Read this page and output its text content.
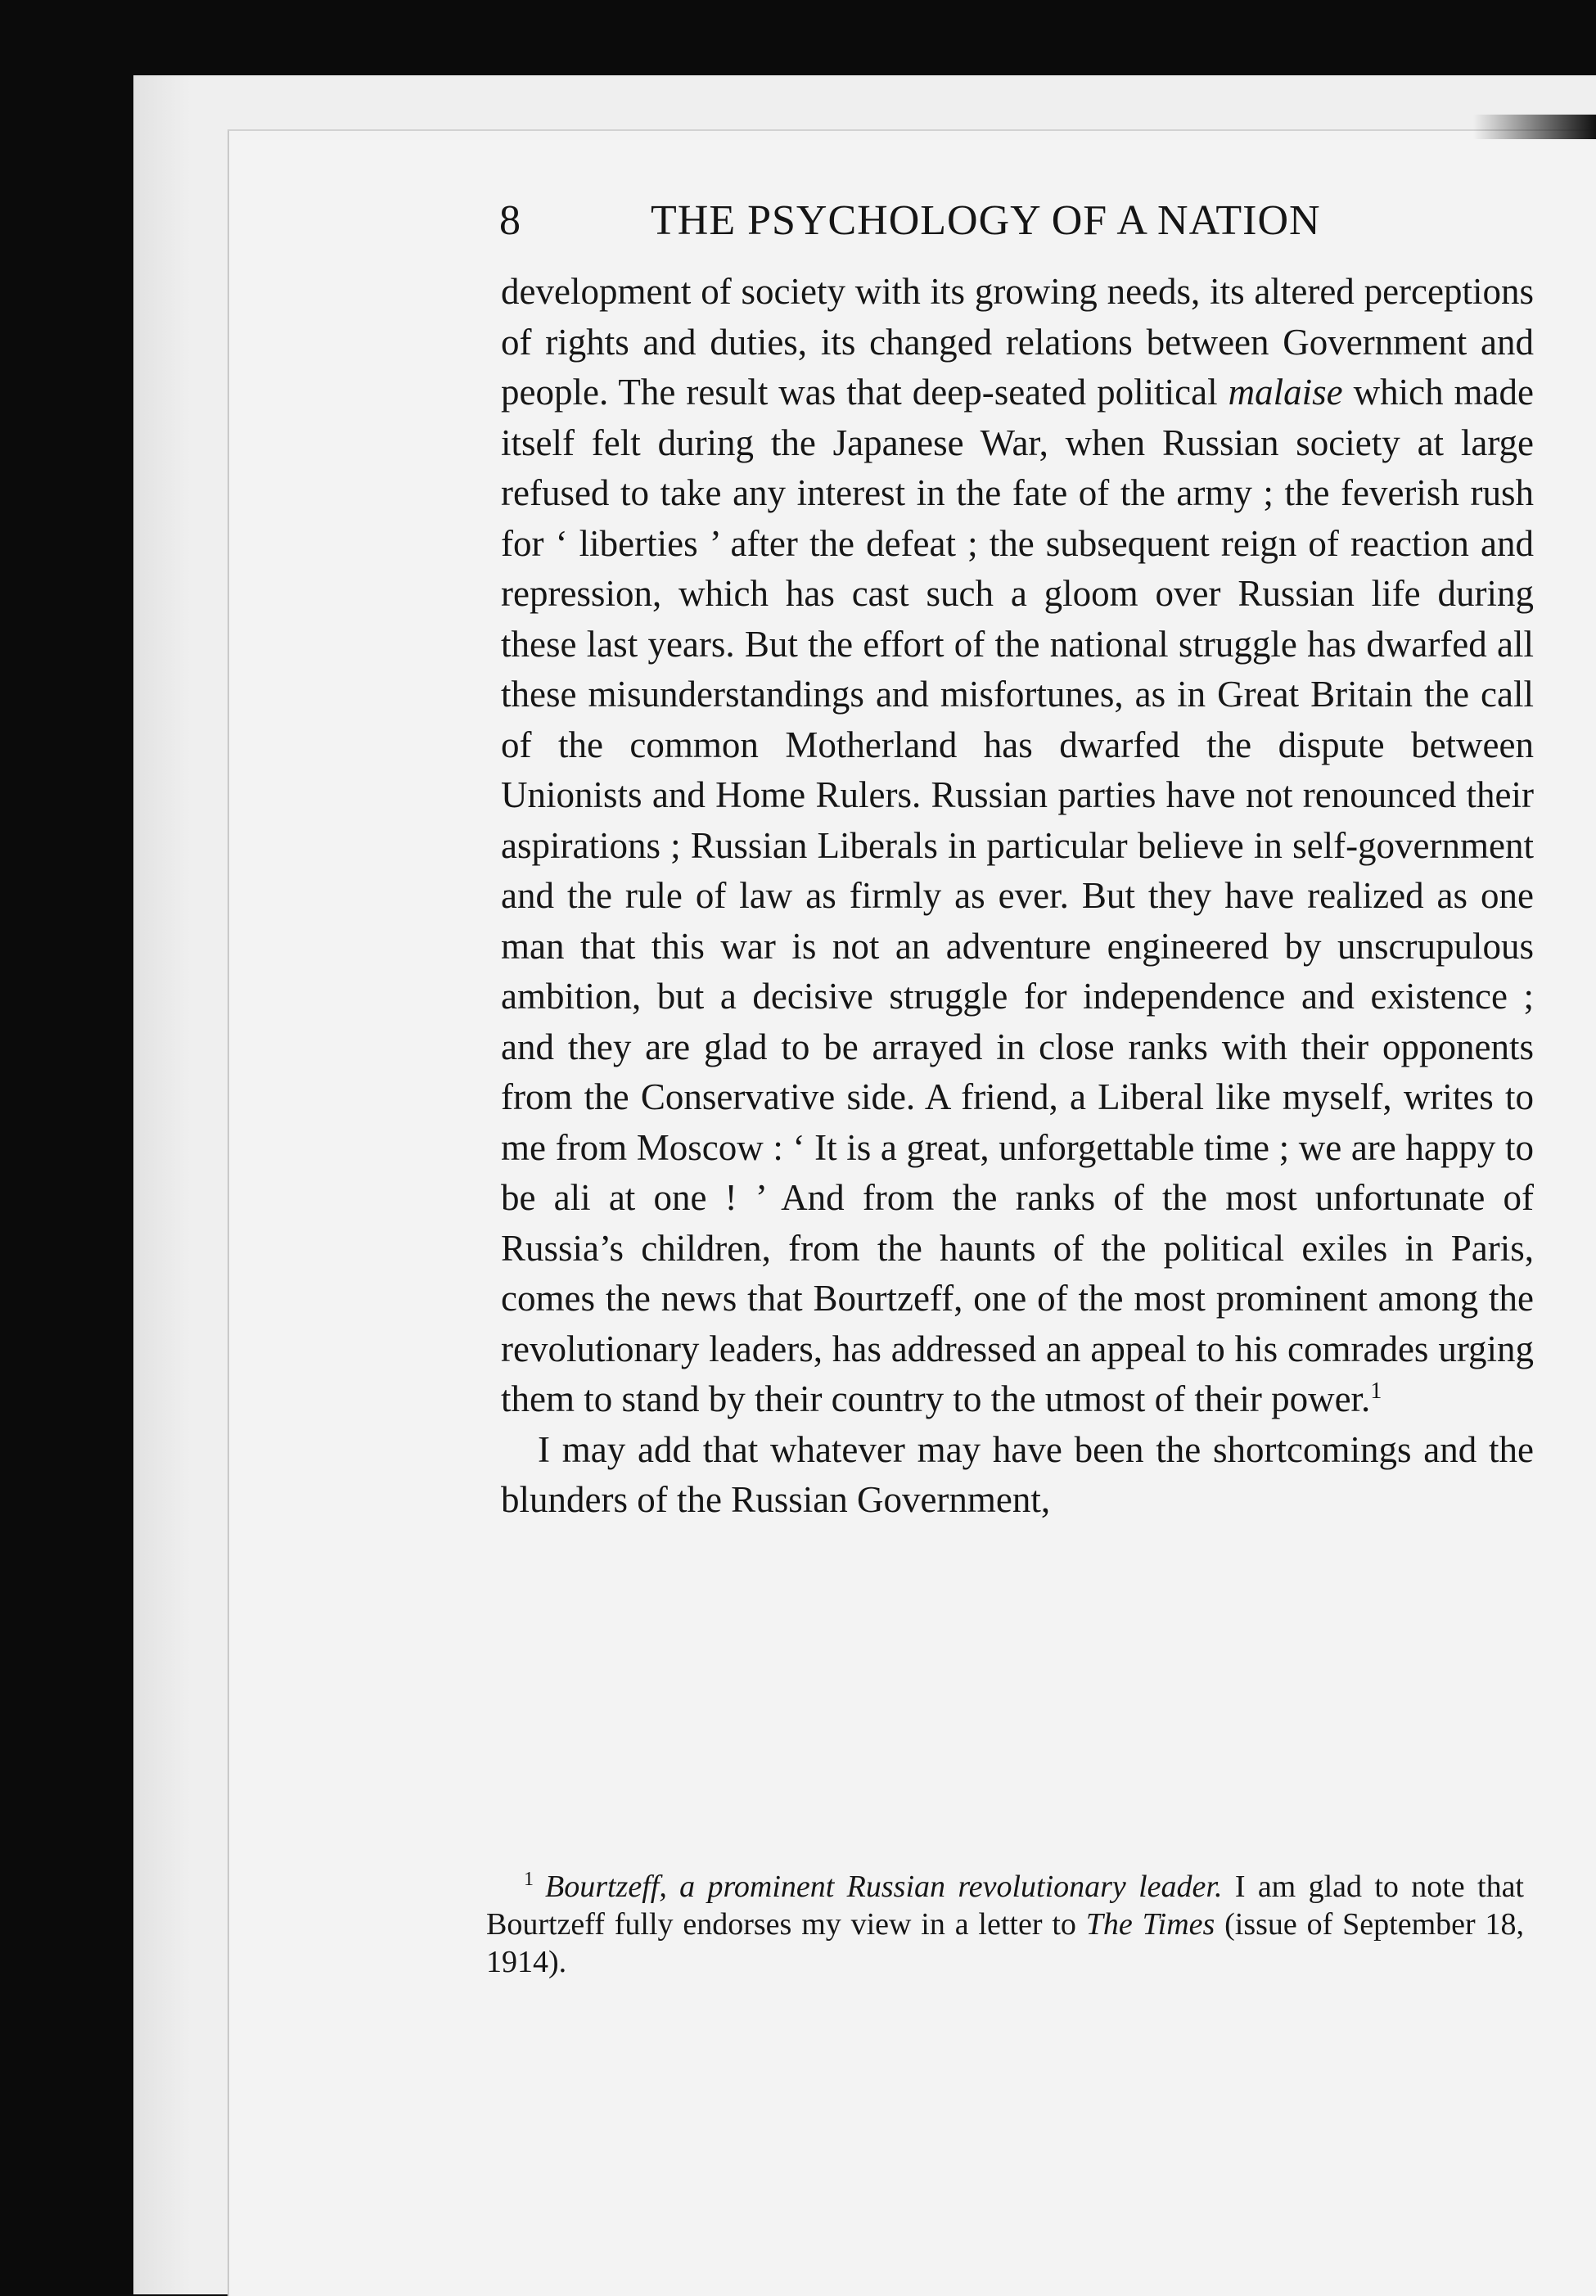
8	THE PSYCHOLOGY OF A NATION

development of society with its growing needs, its altered perceptions of rights and duties, its changed relations between Government and people. The result was that deep-seated political malaise which made itself felt during the Japanese War, when Russian society at large refused to take any interest in the fate of the army ; the feverish rush for ‘ liberties ’ after the defeat ; the subsequent reign of reaction and repression, which has cast such a gloom over Russian life during these last years. But the effort of the national struggle has dwarfed all these misunderstandings and misfortunes, as in Great Britain the call of the common Motherland has dwarfed the dispute between Unionists and Home Rulers. Russian parties have not renounced their aspirations ; Russian Liberals in particular believe in self-government and the rule of law as firmly as ever. But they have realized as one man that this war is not an adventure engineered by unscrupulous ambition, but a decisive struggle for independence and existence ; and they are glad to be arrayed in close ranks with their opponents from the Conservative side. A friend, a Liberal like myself, writes to me from Moscow : ‘ It is a great, unforgettable time ; we are happy to be ali at one ! ’ And from the ranks of the most unfortunate of Russia’s children, from the haunts of the political exiles in Paris, comes the news that Bourtzeff, one of the most prominent among the revolutionary leaders, has addressed an appeal to his comrades urging them to stand by their country to the utmost of their power.$^1$

I may add that whatever may have been the shortcomings and the blunders of the Russian Government,

$^1$ Bourtzeff, a prominent Russian revolutionary leader. I am glad to note that Bourtzeff fully endorses my view in a letter to The Times (issue of September 18, 1914).
